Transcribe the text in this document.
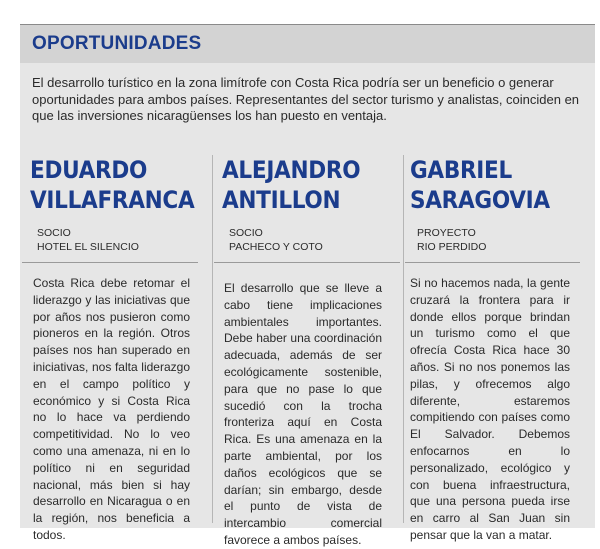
OPORTUNIDADES

El desarrollo turístico en la zona limítrofe con Costa Rica podría ser un beneficio o generar oportunidades para ambos países. Representantes del sector turismo y analistas, coinciden en que las inversiones nicaragüenses los han puesto en ventaja.

EDUARDO
VILLAFRANCA
SOCIO
HOTEL EL SILENCIO

Costa Rica debe retomar el liderazgo y las iniciativas que por años nos pusieron como pioneros en la región. Otros países nos han superado en iniciativas, nos falta liderazgo en el campo político y económico y si Costa Rica no lo hace va perdiendo competitividad. No lo veo como una amenaza, ni en lo político ni en seguridad nacional, más bien si hay desarrollo en Nicaragua o en la región, nos beneficia a todos.

ALEJANDRO
ANTILLON
SOCIO
PACHECO Y COTO

El desarrollo que se lleve a cabo tiene implicaciones ambientales importantes. Debe haber una coordinación adecuada, además de ser ecológicamente sostenible, para que no pase lo que sucedió con la trocha fronteriza aquí en Costa Rica. Es una amenaza en la parte ambiental, por los daños ecológicos que se darían; sin embargo, desde el punto de vista de intercambio comercial favorece a ambos países.

GABRIEL
SARAGOVIA
PROYECTO
RIO PERDIDO

Si no hacemos nada, la gente cruzará la frontera para ir donde ellos porque brindan un turismo como el que ofrecía Costa Rica hace 30 años. Si no nos ponemos las pilas, y ofrecemos algo diferente, estaremos compitiendo con países como El Salvador. Debemos enfocarnos en lo personalizado, ecológico y con buena infraestructura, que una persona pueda irse en carro al San Juan sin pensar que la van a matar.
